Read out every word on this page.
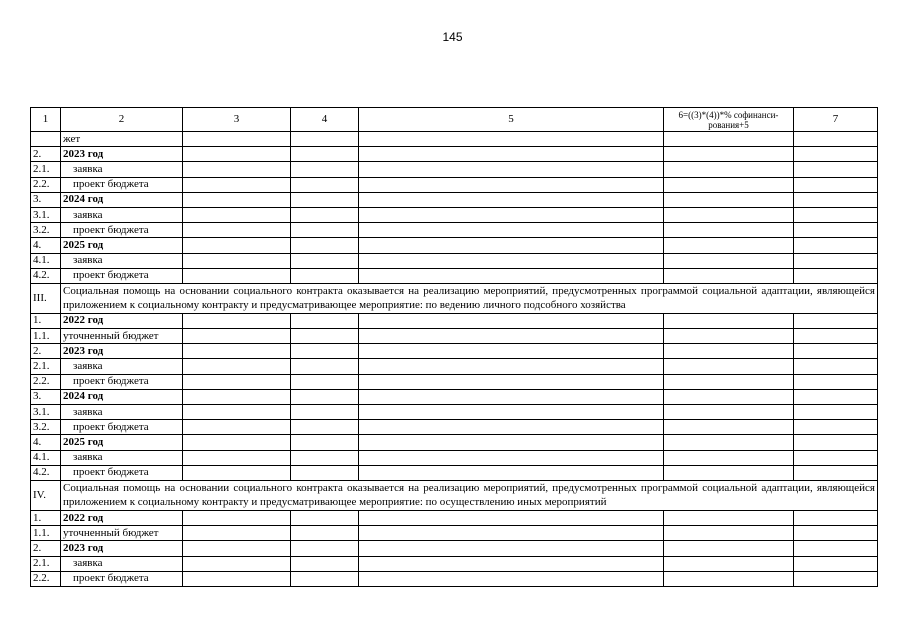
145
1	2	3	4	5	6=((3)*(4))*% софинанси-рования+5	7
	жет					
2.	2023 год					
2.1.	заявка					
2.2.	проект бюджета					
3.	2024 год					
3.1.	заявка					
3.2.	проект бюджета					
4.	2025 год					
4.1.	заявка					
4.2.	проект бюджета					
III.	Социальная помощь на основании социального контракта оказывается на реализацию мероприятий, предусмотренных программой социальной адаптации, являющейся приложением к социальному контракту и предусматривающее мероприятие: по ведению личного подсобного хозяйства					
1.	2022 год					
1.1.	уточненный бюджет					
2.	2023 год					
2.1.	заявка					
2.2.	проект бюджета					
3.	2024 год					
3.1.	заявка					
3.2.	проект бюджета					
4.	2025 год					
4.1.	заявка					
4.2.	проект бюджета					
IV.	Социальная помощь на основании социального контракта оказывается на реализацию мероприятий, предусмотренных программой социальной адаптации, являющейся приложением к социальному контракту и предусматривающее мероприятие: по осуществлению иных мероприятий					
1.	2022 год					
1.1.	уточненный бюджет					
2.	2023 год					
2.1.	заявка					
2.2.	проект бюджета					
